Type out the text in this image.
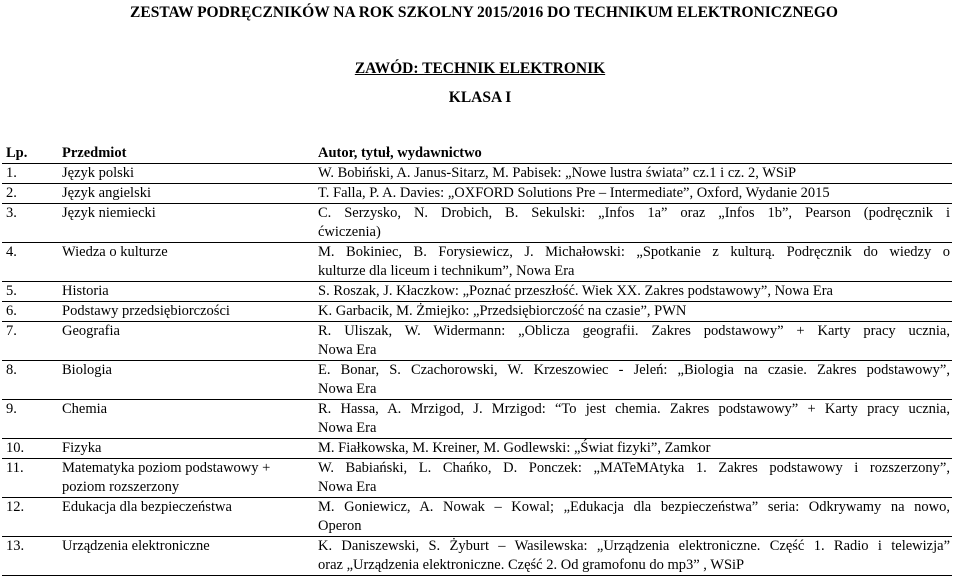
ZESTAW PODRĘCZNIKÓW NA ROK SZKOLNY 2015/2016 DO TECHNIKUM ELEKTRONICZNEGO
ZAWÓD: TECHNIK ELEKTRONIK
KLASA I
Lp.	Przedmiot	Autor, tytuł, wydawnictwo
1.	Język polski	W. Bobiński, A. Janus-Sitarz, M. Pabisek: „Nowe lustra świata” cz.1 i cz. 2, WSiP
2.	Język angielski	T. Falla, P. A. Davies: „OXFORD Solutions Pre – Intermediate”, Oxford, Wydanie 2015
3.	Język niemiecki	C. Serzysko, N. Drobich, B. Sekulski: „Infos 1a” oraz „Infos 1b”, Pearson (podręcznik i
ćwiczenia)

4.	Wiedza o kulturze	M. Bokiniec, B. Forysiewicz, J. Michałowski: „Spotkanie z kulturą. Podręcznik do wiedzy o
kulturze dla liceum i technikum”, Nowa Era

5.	Historia	S. Roszak, J. Kłaczkow: „Poznać przeszłość. Wiek XX. Zakres podstawowy”, Nowa Era
6.	Podstawy przedsiębiorczości	K. Garbacik, M. Żmiejko: „Przedsiębiorczość na czasie”, PWN
7.	Geografia	R. Uliszak, W. Widermann: „Oblicza geografii. Zakres podstawowy” + Karty pracy ucznia,
Nowa Era

8.	Biologia	E. Bonar, S. Czachorowski, W. Krzeszowiec - Jeleń: „Biologia na czasie. Zakres podstawowy”,
Nowa Era

9.	Chemia	R. Hassa, A. Mrzigod, J. Mrzigod: “To jest chemia. Zakres podstawowy” + Karty pracy ucznia,
Nowa Era

10.	Fizyka	M. Fiałkowska, M. Kreiner, M. Godlewski: „Świat fizyki”, Zamkor
11.	Matematyka poziom podstawowy +
poziom rozszerzony	W. Babiański, L. Chańko, D. Ponczek: „MATeMAtyka 1. Zakres podstawowy i rozszerzony”,
Nowa Era

12.	Edukacja dla bezpieczeństwa	M. Goniewicz, A. Nowak – Kowal; „Edukacja dla bezpieczeństwa” seria: Odkrywamy na nowo,
Operon

13.	Urządzenia elektroniczne	K. Daniszewski, S. Żyburt – Wasilewska: „Urządzenia elektroniczne. Część 1. Radio i telewizja”
oraz „Urządzenia elektroniczne. Część 2. Od gramofonu do mp3” , WSiP
